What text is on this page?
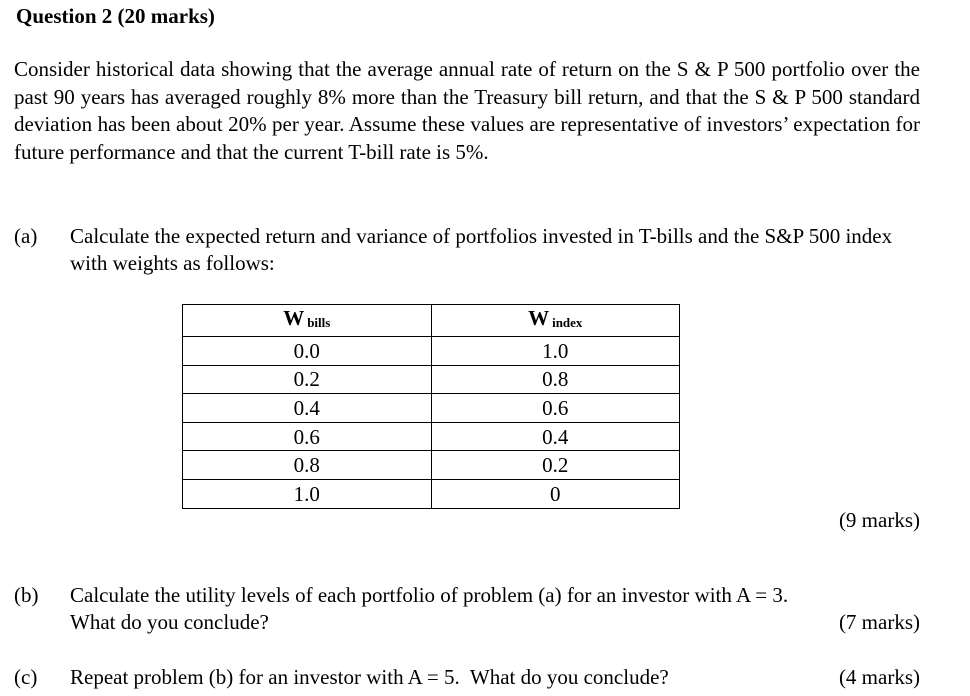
Question 2 (20 marks)
Consider historical data showing that the average annual rate of return on the S & P 500 portfolio over the past 90 years has averaged roughly 8% more than the Treasury bill return, and that the S & P 500 standard deviation has been about 20% per year. Assume these values are representative of investors’ expectation for future performance and that the current T-bill rate is 5%.
(a) Calculate the expected return and variance of portfolios invested in T-bills and the S&P 500 index with weights as follows:
W bills	W index
0.0	1.0
0.2	0.8
0.4	0.6
0.6	0.4
0.8	0.2
1.0	0
(9 marks)
(b) Calculate the utility levels of each portfolio of problem (a) for an investor with A = 3.
What do you conclude?	(7 marks)
(c) Repeat problem (b) for an investor with A = 5.  What do you conclude?	(4 marks)
